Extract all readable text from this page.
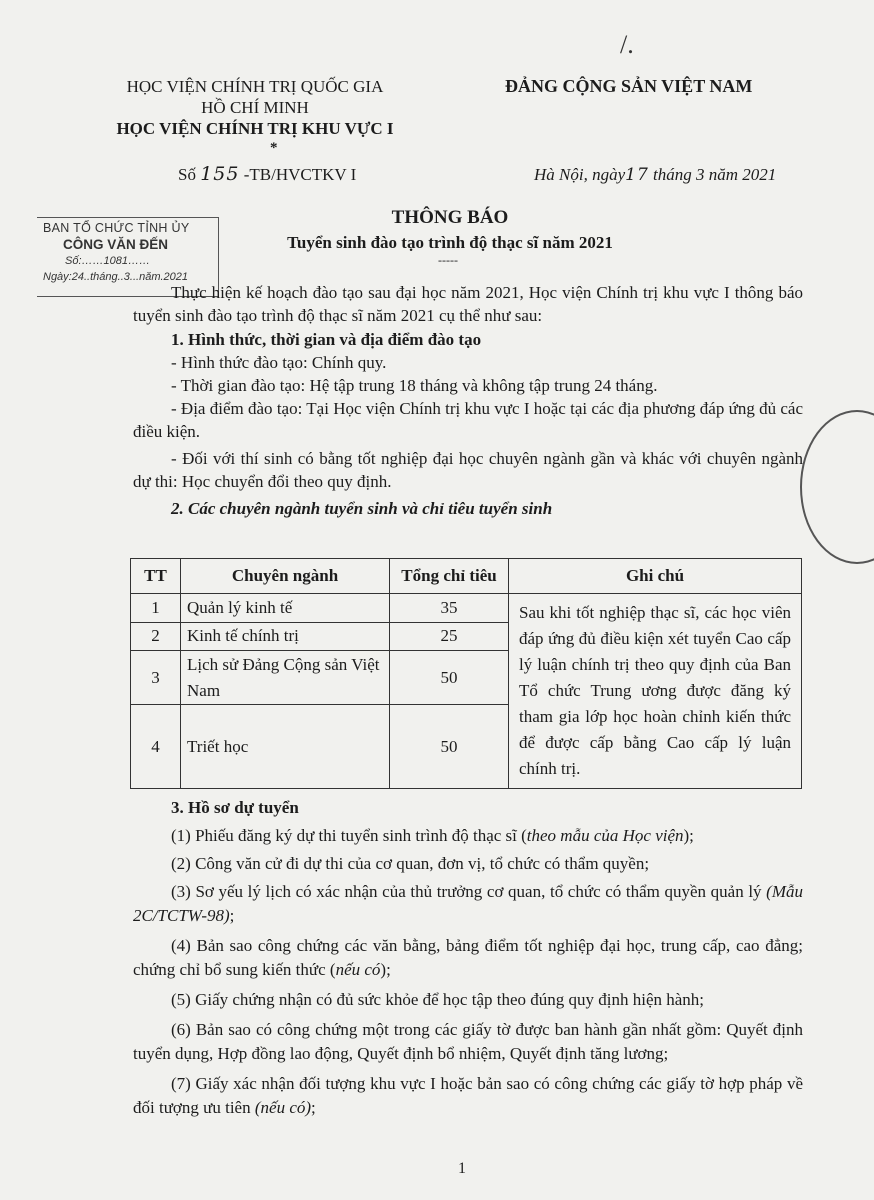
/.
HỌC VIỆN CHÍNH TRỊ QUỐC GIA
HỒ CHÍ MINH
HỌC VIỆN CHÍNH TRỊ KHU VỰC I
*
ĐẢNG CỘNG SẢN VIỆT NAM
Số 155 -TB/HVCTKV I	Hà Nội, ngày17 tháng 3 năm 2021
BAN TỔ CHỨC TỈNH ỦY
CÔNG VĂN ĐẾN
Số:……1081……
Ngày:24..tháng..3...năm.2021
THÔNG BÁO
Tuyển sinh đào tạo trình độ thạc sĩ năm 2021
-----
Thực hiện kế hoạch đào tạo sau đại học năm 2021, Học viện Chính trị khu vực I thông báo tuyển sinh đào tạo trình độ thạc sĩ năm 2021 cụ thể như sau:
1. Hình thức, thời gian và địa điểm đào tạo
- Hình thức đào tạo: Chính quy.
- Thời gian đào tạo: Hệ tập trung 18 tháng và không tập trung 24 tháng.
- Địa điểm đào tạo: Tại Học viện Chính trị khu vực I hoặc tại các địa phương đáp ứng đủ các điều kiện.
- Đối với thí sinh có bằng tốt nghiệp đại học chuyên ngành gần và khác với chuyên ngành dự thi: Học chuyển đổi theo quy định.
2. Các chuyên ngành tuyển sinh và chỉ tiêu tuyển sinh
TT	Chuyên ngành	Tổng chỉ tiêu	Ghi chú
1	Quản lý kinh tế	35	Sau khi tốt nghiệp thạc sĩ, các học viên đáp ứng đủ điều kiện xét tuyển Cao cấp lý luận chính trị theo quy định của Ban Tổ chức Trung ương được đăng ký tham gia lớp học hoàn chỉnh kiến thức để được cấp bằng Cao cấp lý luận chính trị.
2	Kinh tế chính trị	25	
3	Lịch sử Đảng Cộng sản Việt Nam	50	
4	Triết học	50	
3. Hồ sơ dự tuyển
(1) Phiếu đăng ký dự thi tuyển sinh trình độ thạc sĩ (theo mẫu của Học viện);
(2) Công văn cử đi dự thi của cơ quan, đơn vị, tổ chức có thẩm quyền;
(3) Sơ yếu lý lịch có xác nhận của thủ trưởng cơ quan, tổ chức có thẩm quyền quản lý (Mẫu 2C/TCTW-98);
(4) Bản sao công chứng các văn bằng, bảng điểm tốt nghiệp đại học, trung cấp, cao đẳng; chứng chỉ bổ sung kiến thức (nếu có);
(5) Giấy chứng nhận có đủ sức khỏe để học tập theo đúng quy định hiện hành;
(6) Bản sao có công chứng một trong các giấy tờ được ban hành gần nhất gồm: Quyết định tuyển dụng, Hợp đồng lao động, Quyết định bổ nhiệm, Quyết định tăng lương;
(7) Giấy xác nhận đối tượng khu vực I hoặc bản sao có công chứng các giấy tờ hợp pháp về đối tượng ưu tiên (nếu có);
1
